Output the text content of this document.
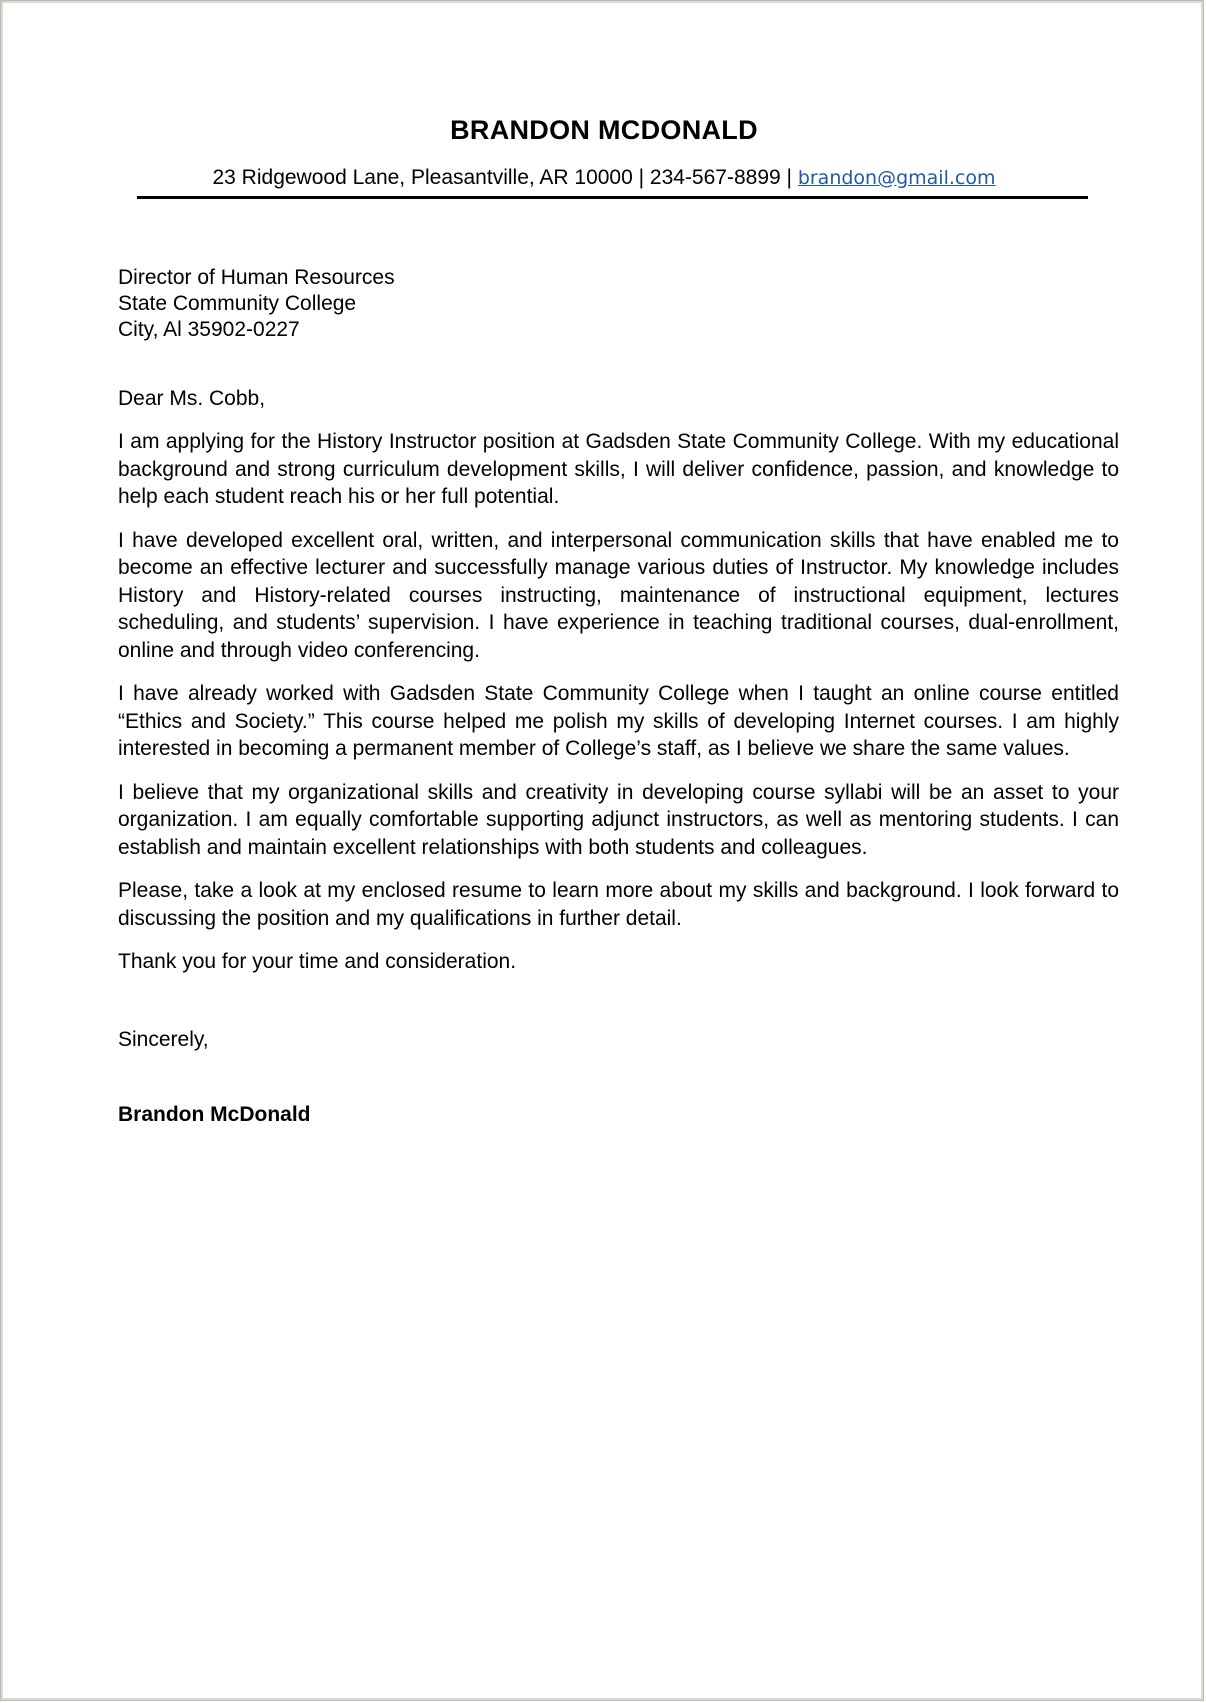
BRANDON MCDONALD
23 Ridgewood Lane, Pleasantville, AR 10000 | 234-567-8899 | brandon@gmail.com
Director of Human Resources
State Community College
City, Al 35902-0227
Dear Ms. Cobb,

I am applying for the History Instructor position at Gadsden State Community College. With my educational background and strong curriculum development skills, I will deliver confidence, passion, and knowledge to help each student reach his or her full potential.

I have developed excellent oral, written, and interpersonal communication skills that have enabled me to become an effective lecturer and successfully manage various duties of Instructor. My knowledge includes History and History-related courses instructing, maintenance of instructional equipment, lectures scheduling, and students’ supervision. I have experience in teaching traditional courses, dual-enrollment, online and through video conferencing.

I have already worked with Gadsden State Community College when I taught an online course entitled “Ethics and Society.” This course helped me polish my skills of developing Internet courses. I am highly interested in becoming a permanent member of College’s staff, as I believe we share the same values.

I believe that my organizational skills and creativity in developing course syllabi will be an asset to your organization. I am equally comfortable supporting adjunct instructors, as well as mentoring students. I can establish and maintain excellent relationships with both students and colleagues.

Please, take a look at my enclosed resume to learn more about my skills and background. I look forward to discussing the position and my qualifications in further detail.

Thank you for your time and consideration.

Sincerely,
Brandon McDonald
